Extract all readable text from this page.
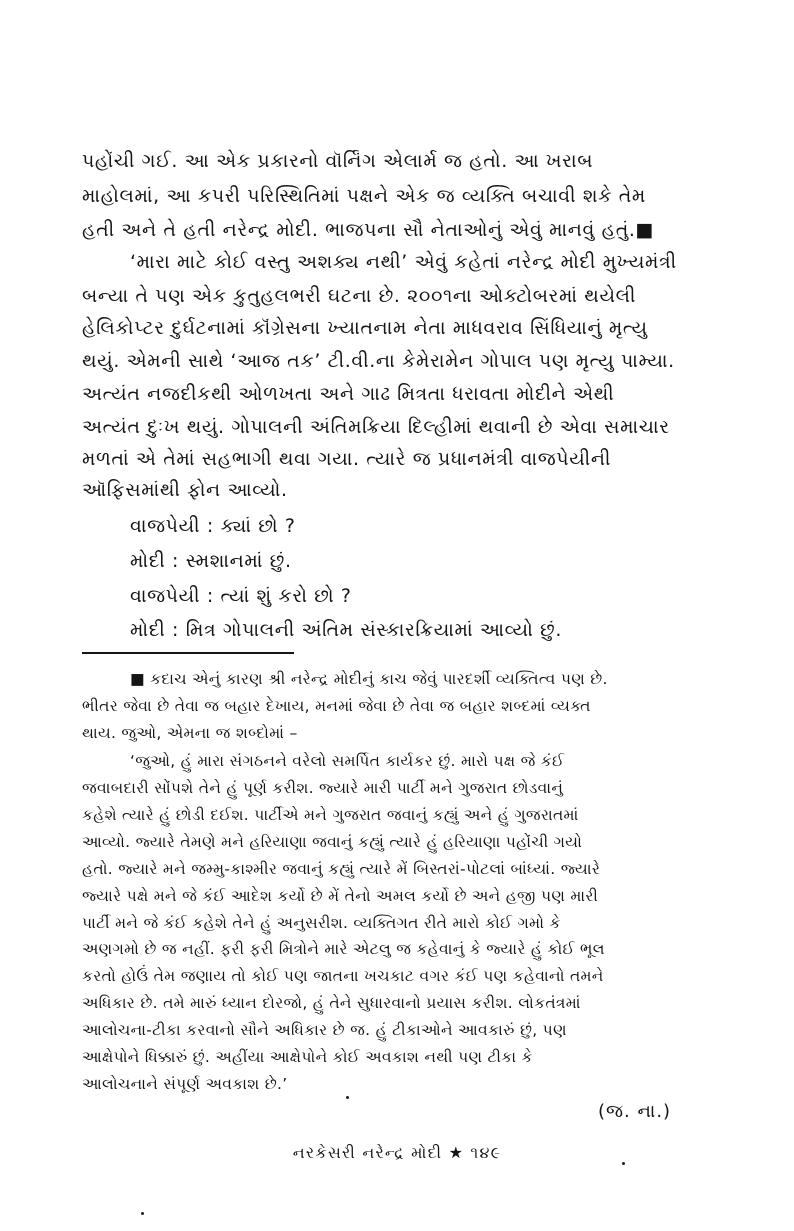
પહોંચી ગઈ. આ એક પ્રકારનો વૉર્નિંગ એલાર્મ જ હતો. આ ખરાબ
માહોલમાં, આ કપરી પરિસ્થિતિમાં પક્ષને એક જ વ્યક્તિ બચાવી શકે તેમ
હતી અને તે હતી નરેન્દ્ર મોદી. ભાજપના સૌ નેતાઓનું એવું માનવું હતું.■
‘મારા માટે કોઈ વસ્તુ અશક્ય નથી’ એવું કહેતાં નરેન્દ્ર મોદી મુખ્યમંત્રી
બન્યા તે પણ એક કુતુહલભરી ઘટના છે. ૨૦૦૧ના ઓક્ટોબરમાં થયેલી
હેલિકોપ્ટર દુર્ઘટનામાં કૉંગ્રેસના ખ્યાતનામ નેતા માધવરાવ સિંધિયાનું મૃત્યુ
થયું. એમની સાથે ‘આજ તક’ ટી.વી.ના કેમેરામેન ગોપાલ પણ મૃત્યુ પામ્યા.
અત્યંત નજદીકથી ઓળખતા અને ગાઢ મિત્રતા ધરાવતા મોદીને એથી
અત્યંત દુઃખ થયું. ગોપાલની અંતિમક્રિયા દિલ્હીમાં થવાની છે એવા સમાચાર
મળતાં એ તેમાં સહભાગી થવા ગયા. ત્યારે જ પ્રધાનમંત્રી વાજપેયીની
ઑફિસમાંથી ફોન આવ્યો.
વાજપેયી : ક્યાં છો ?
મોદી : સ્મશાનમાં છું.
વાજપેયી : ત્યાં શું કરો છો ?
મોદી : મિત્ર ગોપાલની અંતિમ સંસ્કારક્રિયામાં આવ્યો છું.
■ કદાચ એનું કારણ શ્રી નરેન્દ્ર મોદીનું કાચ જેવું પારદર્શી વ્યક્તિત્વ પણ છે.
ભીતર જેવા છે તેવા જ બહાર દેખાય, મનમાં જેવા છે તેવા જ બહાર શબ્દમાં વ્યક્ત
થાય. જુઓ, એમના જ શબ્દોમાં –
‘જુઓ, હું મારા સંગઠનને વરેલો સમર્પિત કાર્યકર છું. મારો પક્ષ જે કંઈ
જવાબદારી સોંપશે તેને હું પૂર્ણ કરીશ. જ્યારે મારી પાર્ટી મને ગુજરાત છોડવાનું
કહેશે ત્યારે હું છોડી દઈશ. પાર્ટીએ મને ગુજરાત જવાનું કહ્યું અને હું ગુજરાતમાં
આવ્યો. જ્યારે તેમણે મને હરિયાણા જવાનું કહ્યું ત્યારે હું હરિયાણા પહોંચી ગયો
હતો. જ્યારે મને જમ્મુ-કાશ્મીર જવાનું કહ્યું ત્યારે મેં બિસ્તરાં-પોટલાં બાંધ્યાં. જ્યારે
જ્યારે પક્ષે મને જે કંઈ આદેશ કર્યો છે મેં તેનો અમલ કર્યો છે અને હજી પણ મારી
પાર્ટી મને જે કંઈ કહેશે તેને હું અનુસરીશ. વ્યક્તિગત રીતે મારો કોઈ ગમો કે
અણગમો છે જ નહીં. ફરી ફરી મિત્રોને મારે એટલુ જ કહેવાનું કે જ્યારે હું કોઈ ભૂલ
કરતો હોઉં તેમ જણાય તો કોઈ પણ જાતના ખચકાટ વગર કંઈ પણ કહેવાનો તમને
અધિકાર છે. તમે મારું ધ્યાન દોરજો, હું તેને સુધારવાનો પ્રયાસ કરીશ. લોકતંત્રમાં
આલોચના-ટીકા કરવાનો સૌને અધિકાર છે જ. હું ટીકાઓને આવકારું છું, પણ
આક્ષેપોને ધિક્કારું છું. અહીંયા આક્ષેપોને કોઈ અવકાશ નથી પણ ટીકા કે
આલોચનાને સંપૂર્ણ અવકાશ છે.’
(જ. ના.)
નરકેસરી નરેન્દ્ર મોદી ★ ૧૪૯
